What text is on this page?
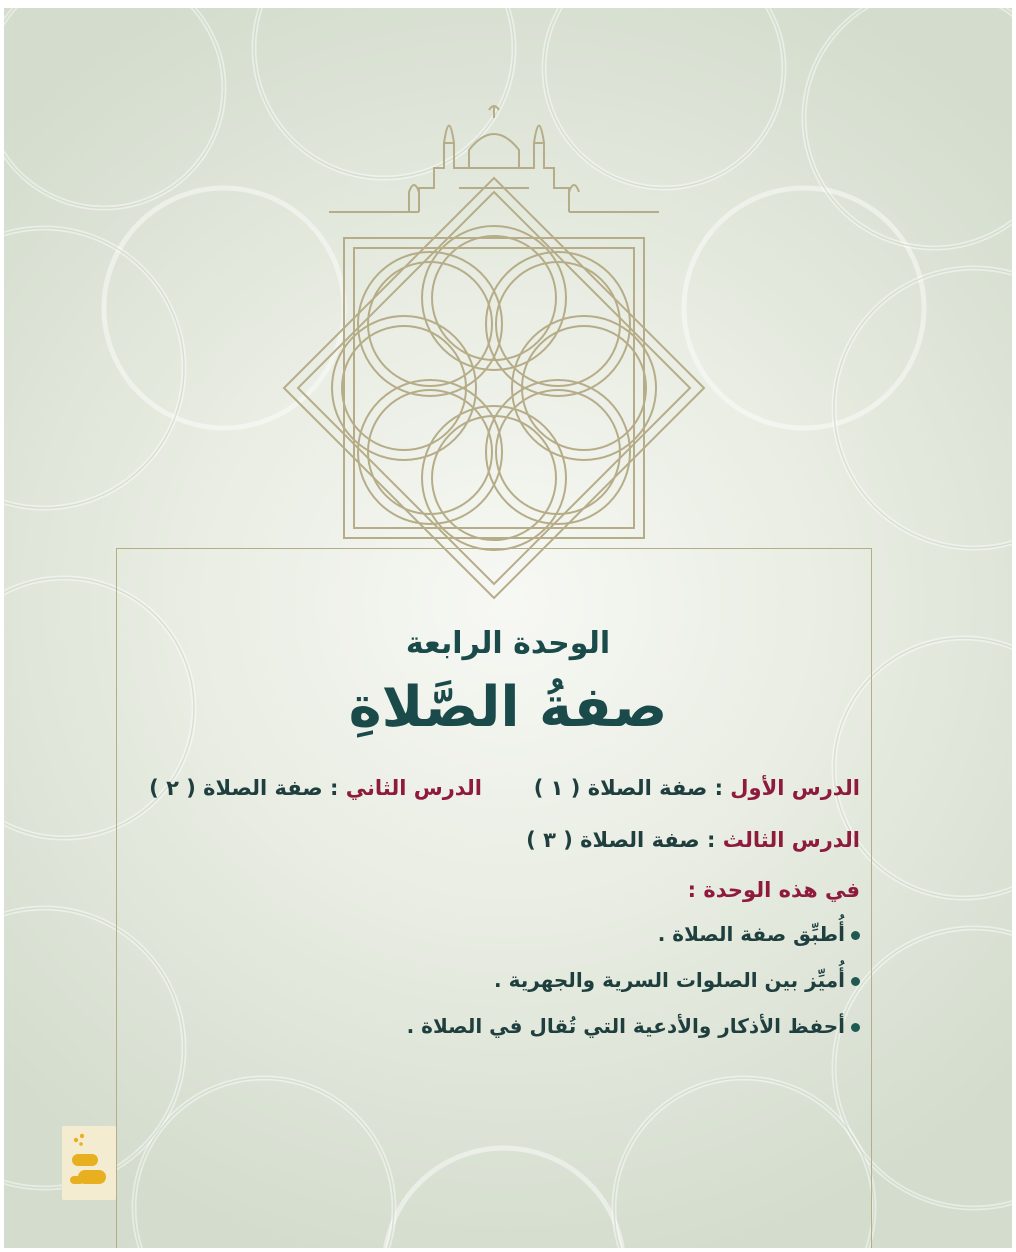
الوحدة الرابعة
صفةُ الصَّلاةِ
الدرس الأول : صفة الصلاة ( ١ )
الدرس الثاني : صفة الصلاة ( ٢ )
الدرس الثالث : صفة الصلاة ( ٣ )
في هذه الوحدة :
أُطبِّق صفة الصلاة .
أُميِّز بين الصلوات السرية والجهرية .
أحفظ الأذكار والأدعية التي تُقال في الصلاة .
